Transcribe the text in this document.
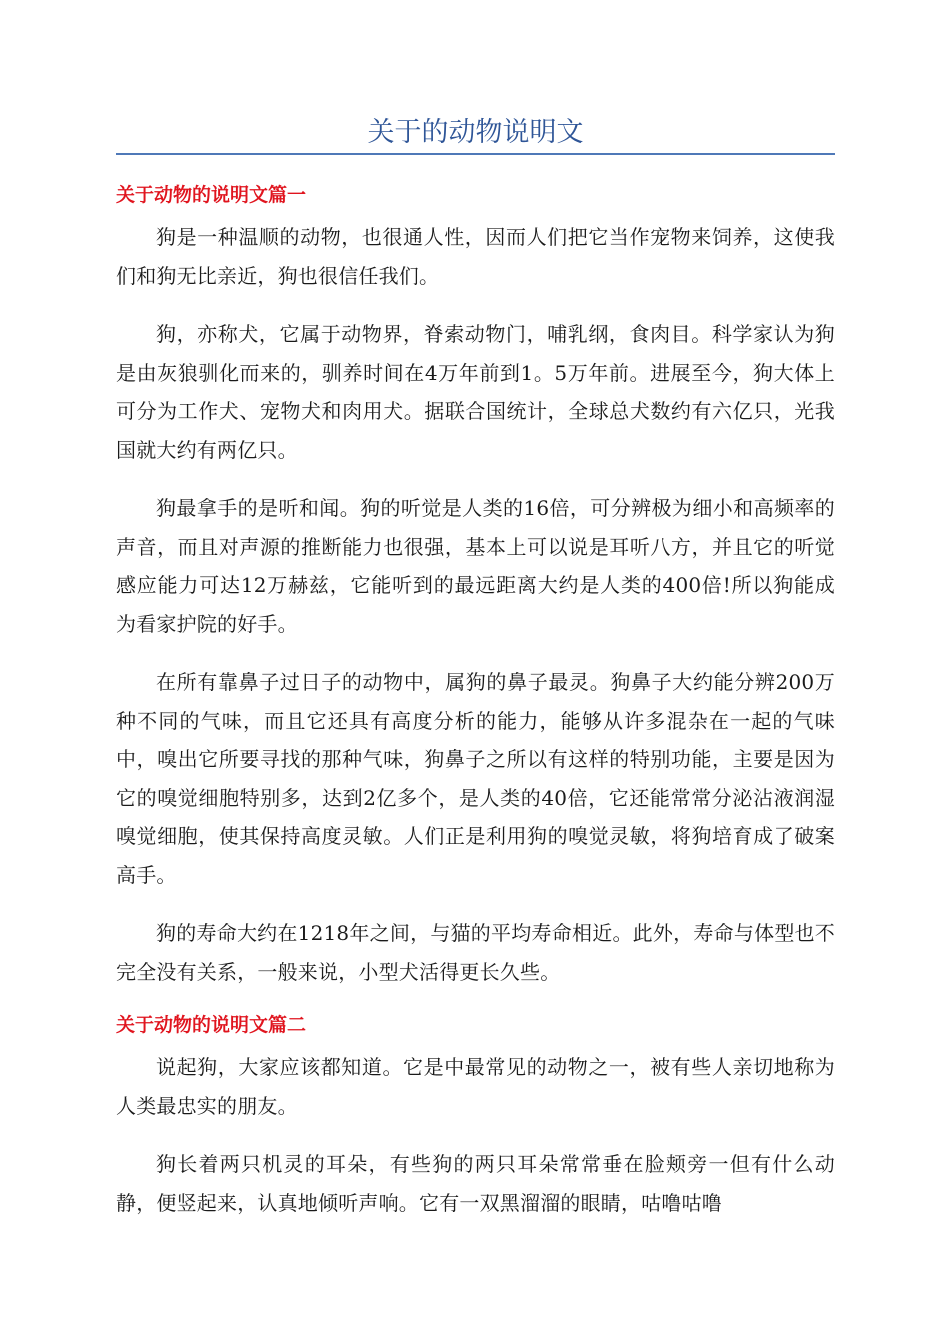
关于的动物说明文
关于动物的说明文篇一

狗是一种温顺的动物，也很通人性，因而人们把它当作宠物来饲养，这使我们和狗无比亲近，狗也很信任我们。

狗，亦称犬，它属于动物界，脊索动物门，哺乳纲，食肉目。科学家认为狗是由灰狼驯化而来的，驯养时间在4万年前到1。5万年前。进展至今，狗大体上可分为工作犬、宠物犬和肉用犬。据联合国统计，全球总犬数约有六亿只，光我国就大约有两亿只。

狗最拿手的是听和闻。狗的听觉是人类的16倍，可分辨极为细小和高频率的声音，而且对声源的推断能力也很强，基本上可以说是耳听八方，并且它的听觉感应能力可达12万赫兹，它能听到的最远距离大约是人类的400倍!所以狗能成为看家护院的好手。

在所有靠鼻子过日子的动物中，属狗的鼻子最灵。狗鼻子大约能分辨200万种不同的气味，而且它还具有高度分析的能力，能够从许多混杂在一起的气味中，嗅出它所要寻找的那种气味，狗鼻子之所以有这样的特别功能，主要是因为它的嗅觉细胞特别多，达到2亿多个，是人类的40倍，它还能常常分泌沾液润湿嗅觉细胞，使其保持高度灵敏。人们正是利用狗的嗅觉灵敏，将狗培育成了破案高手。

狗的寿命大约在1218年之间，与猫的平均寿命相近。此外，寿命与体型也不完全没有关系，一般来说，小型犬活得更长久些。

关于动物的说明文篇二

说起狗，大家应该都知道。它是中最常见的动物之一，被有些人亲切地称为人类最忠实的朋友。

狗长着两只机灵的耳朵，有些狗的两只耳朵常常垂在脸颊旁一但有什么动静，便竖起来，认真地倾听声响。它有一双黑溜溜的眼睛，咕噜咕噜
